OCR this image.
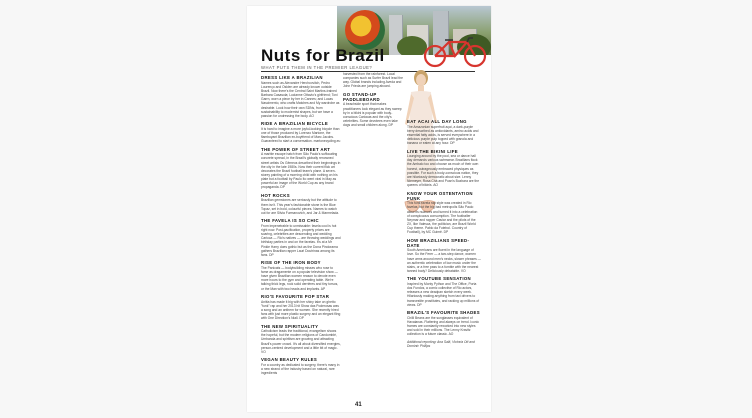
Nuts for Brazil
WHAT PUTS THEM IN THE PREMIER LEAGUE?
DRESS LIKE A BRAZILIAN

Names such as Alexandre Herchcovitch, Pedro Lourenço and Osklen are already known outside Brazil. Now there's the Central Saint Martins-trained Barbara Casasola; Lucianne Ottavio's girlfriend; Toni Garrn, worn a piece by her in Cannes; and Lucas Nascimento, who crafts Matches and My wardrobe as desirable. Look how their own SDNs, from sustainability to modernist shapes, but we have a passion for undressing the body. AO

RIDE A BRAZILIAN BICYCLE

It is hard to imagine a more joyful-looking bicycle than one of those produced by Lorenzo Martone, the flamboyant Brazilian ex-boyfriend of Marc Jacobs. Guaranteed to start a conversation. martonecycling.eu

THE POWER OF STREET ART

A marble escape hatch from São Paulo's suffocating concrete spread, in the Brazil's globally renowned street artists Os Gêmeos described their beginnings in the city in the late 1980s. Now their current flick art decorates the Brazil football team's plane. A seven-storey painting of a morning child with nothing on his plate but a football by Paulo Ito went viral in May as powerful an image of the World Cup as any brand propaganda. DP

HOT ROCKS

Brazilian gemstones are seriously but the attitude to them isn't. This year's fashionable stone is the Blue Topaz, set in bold, colourful pieces. Names to watch out for are Silvia Furmanovich, and Jar & Marmelada.

THE FAVELA IS SO CHIC

From impenetrable to unmissable: favela cool is hot right now. Post-pacification, property prices are soaring, celebrities are descending and wedding Carioca — Rio's natives — are throwing weddings and birthday parties in and on the favelas. It's at a Mr Pinkie Harry does gothic but as the Dona Pindorama gathers Brazilian rapper Lauri Doutrinas among its fans. DP

RISE OF THE IRON BODY

The Panicats — bodybuilding misses who rose to fame as dragamente on a popular television show — have given Brazilian women reason to devote even more hours to the gym and operating table. We're talking thick legs, rock solid derrières and tiny torsos, or the Man with two heads and implants. AP

RIO'S FAVOURITE POP STAR

Anitta has made it big with her shiny take on ghetto "funk" rap and her 2013 hit Show das Poderosas was a song and an anthem for women. She recently hired fans with just more plastic surgery and an elegant fling with One Direction's Niall. DP

THE NEW SPIRITUALITY

Catholicism leads the traditional, evangelism shows the hopeful, but the modern religions of Candomblé, Umbanda and spiritism are growing and attracting Brazil's power crowd. It's all about diversified energies, person-centred development and a little bit of magic. VO

VEGAN BEAUTY RULES

For a country as dedicated to surgery, there's many in a new strand of the industry based on natural, rare ingredients

harvested from the rainforest. Local companies such as Surfer Brazil lead the way. Global brands including Aveda and John Frieda are jumping aboard.

GO STAND-UP PADDLEBOARD

A beachside sport that makes practitioners look elegant as they sweep by in a bikini is popular with body-conscious Cariocas and the city's celebrities. Some devotees even take dogs and small children along. DP

EAT ACAI ALL DAY LONG

The Amazonian superfruit açaí, a dark-purple berry described as antioxidants, amino acids and essential fatty acids, is served everywhere in a delicious purple pulp topped with granola and banana or eaten at any hour. DP

LIVE THE BIKINI LIFE

Lounging around by the pool, sea or dance hall day demands various swimwear. Brazilians flock the Ambalo too and choose as much of their own honest, outrageously embraced physiques as possible. For such a body-conscious nation, they are hilariously democratic about size. Lenny Niemeyer, Rosa Chá and Poan's Bozbara are the queens of bikinis. AO

KNOW YOUR OSTENTATION FUNK

This funk favela rap style was created in Rio favelas, but the big bad metropolis São Paulo allow its nuances and turned it into a celebration of conspicuous consumption. The footballer Neymar and rapper Caviar and the pilots of the ZX, like Valesca, the politician, are Brazil World Cup theme. Pablo da Futebol. Country of Football), by MC Guimê. DP

HOW BRAZILIANS SPEED-DATE

South Americans are fluent in the language of love. So the Ferer — a two-step dance, women have arms around men's necks, slower phrases — an authentic celebration of low music under the stairs, or a free pass to a fumble with the nearest tanned body? Deliciously debatable. VO

THE YOUTUBE SENSATION

Inspired by Monty Python and The Office, Porta dos Fundos, a comic collective of Rio actors, releases a new deadpan sketch every week. Hilariously making anything from taxi drivers to transvestite prostitutes, and racking up millions of views. DP

BRAZIL'S FAVOURITE SHADES

Chilli Beans are the sunglasses equivalent of Havaianas. Flattering and always on trend. Iconic frames are constantly reworked into new styles and sold in their millions. The Lenny Kravitz collection is a future classic. AO

Additional reporting: Ana Salit, Victoria Ott and Dominic Phillips

41
